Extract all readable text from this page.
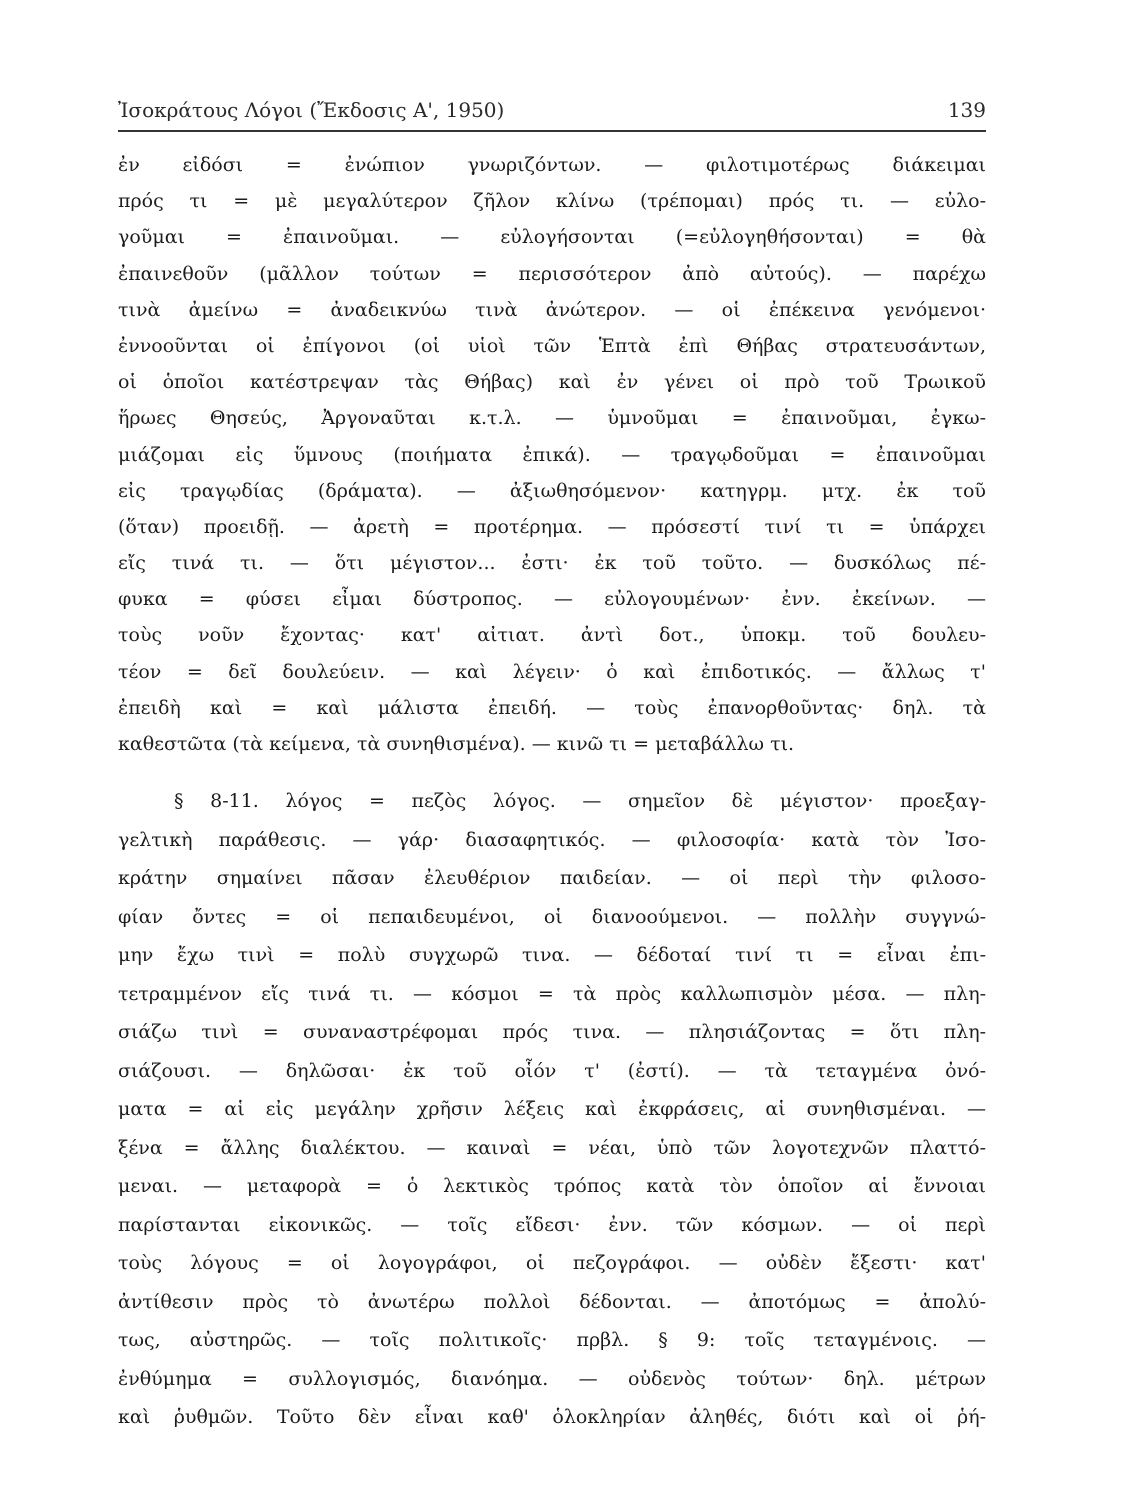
Ἰσοκράτους Λόγοι (Ἔκδοσις Α', 1950)	139
ἐν εἰδόσι = ἐνώπιον γνωριζόντων. — φιλοτιμοτέρως διάκειμαι
πρός τι = μὲ μεγαλύτερον ζῆλον κλίνω (τρέπομαι) πρός τι. — εὐλο-
γοῦμαι = ἐπαινοῦμαι. — εὐλογήσονται (=εὐλογηθήσονται) = θὰ
ἐπαινεθοῦν (μᾶλλον τούτων = περισσότερον ἀπὸ αὐτούς). — παρέχω
τινὰ ἀμείνω = ἀναδεικνύω τινὰ ἀνώτερον. — οἱ ἐπέκεινα γενόμενοι·
ἐννοοῦνται οἱ ἐπίγονοι (οἱ υἱοὶ τῶν Ἑπτὰ ἐπὶ Θήβας στρατευσάντων,
οἱ ὁποῖοι κατέστρεψαν τὰς Θήβας) καὶ ἐν γένει οἱ πρὸ τοῦ Τρωικοῦ
ἥρωες Θησεύς, Ἀργοναῦται κ.τ.λ. — ὑμνοῦμαι = ἐπαινοῦμαι, ἐγκω-
μιάζομαι εἰς ὕμνους (ποιήματα ἐπικά). — τραγῳδοῦμαι = ἐπαινοῦμαι
εἰς τραγῳδίας (δράματα). — ἀξιωθησόμενον· κατηγρμ. μτχ. ἐκ τοῦ
(ὅταν) προειδῇ. — ἀρετὴ = προτέρημα. — πρόσεστί τινί τι = ὑπάρχει
εἴς τινά τι. — ὅτι μέγιστον... ἐστι· ἐκ τοῦ τοῦτο. — δυσκόλως πέ-
φυκα = φύσει εἶμαι δύστροπος. — εὐλογουμένων· ἐνν. ἐκείνων. —
τοὺς νοῦν ἔχοντας· κατ' αἰτιατ. ἀντὶ δοτ., ὑποκμ. τοῦ δουλευ-
τέον = δεῖ δουλεύειν. — καὶ λέγειν· ὁ καὶ ἐπιδοτικός. — ἄλλως τ'
ἐπειδὴ καὶ = καὶ μάλιστα ἐπειδή. — τοὺς ἐπανορθοῦντας· δηλ. τὰ
καθεστῶτα (τὰ κείμενα, τὰ συνηθισμένα). — κινῶ τι = μεταβάλλω τι.
§ 8-11. λόγος = πεζὸς λόγος. — σημεῖον δὲ μέγιστον· προεξαγ-
γελτικὴ παράθεσις. — γάρ· διασαφητικός. — φιλοσοφία· κατὰ τὸν Ἰσο-
κράτην σημαίνει πᾶσαν ἐλευθέριον παιδείαν. — οἱ περὶ τὴν φιλοσο-
φίαν ὄντες = οἱ πεπαιδευμένοι, οἱ διανοούμενοι. — πολλὴν συγγνώ-
μην ἔχω τινὶ = πολὺ συγχωρῶ τινα. — δέδοταί τινί τι = εἶναι ἐπι-
τετραμμένον εἴς τινά τι. — κόσμοι = τὰ πρὸς καλλωπισμὸν μέσα. — πλη-
σιάζω τινὶ = συναναστρέφομαι πρός τινα. — πλησιάζοντας = ὅτι πλη-
σιάζουσι. — δηλῶσαι· ἐκ τοῦ οἷόν τ' (ἐστί). — τὰ τεταγμένα ὀνό-
ματα = αἱ εἰς μεγάλην χρῆσιν λέξεις καὶ ἐκφράσεις, αἱ συνηθισμέναι. —
ξένα = ἄλλης διαλέκτου. — καιναὶ = νέαι, ὑπὸ τῶν λογοτεχνῶν πλαττό-
μεναι. — μεταφορὰ = ὁ λεκτικὸς τρόπος κατὰ τὸν ὁποῖον αἱ ἔννοιαι
παρίστανται εἰκονικῶς. — τοῖς εἴδεσι· ἐνν. τῶν κόσμων. — οἱ περὶ
τοὺς λόγους = οἱ λογογράφοι, οἱ πεζογράφοι. — οὐδὲν ἔξεστι· κατ'
ἀντίθεσιν πρὸς τὸ ἀνωτέρω πολλοὶ δέδονται. — ἀποτόμως = ἀπολύ-
τως, αὐστηρῶς. — τοῖς πολιτικοῖς· πρβλ. § 9: τοῖς τεταγμένοις. —
ἐνθύμημα = συλλογισμός, διανόημα. — οὐδενὸς τούτων· δηλ. μέτρων
καὶ ῥυθμῶν. Τοῦτο δὲν εἶναι καθ' ὁλοκληρίαν ἀληθές, διότι καὶ οἱ ῥή-
